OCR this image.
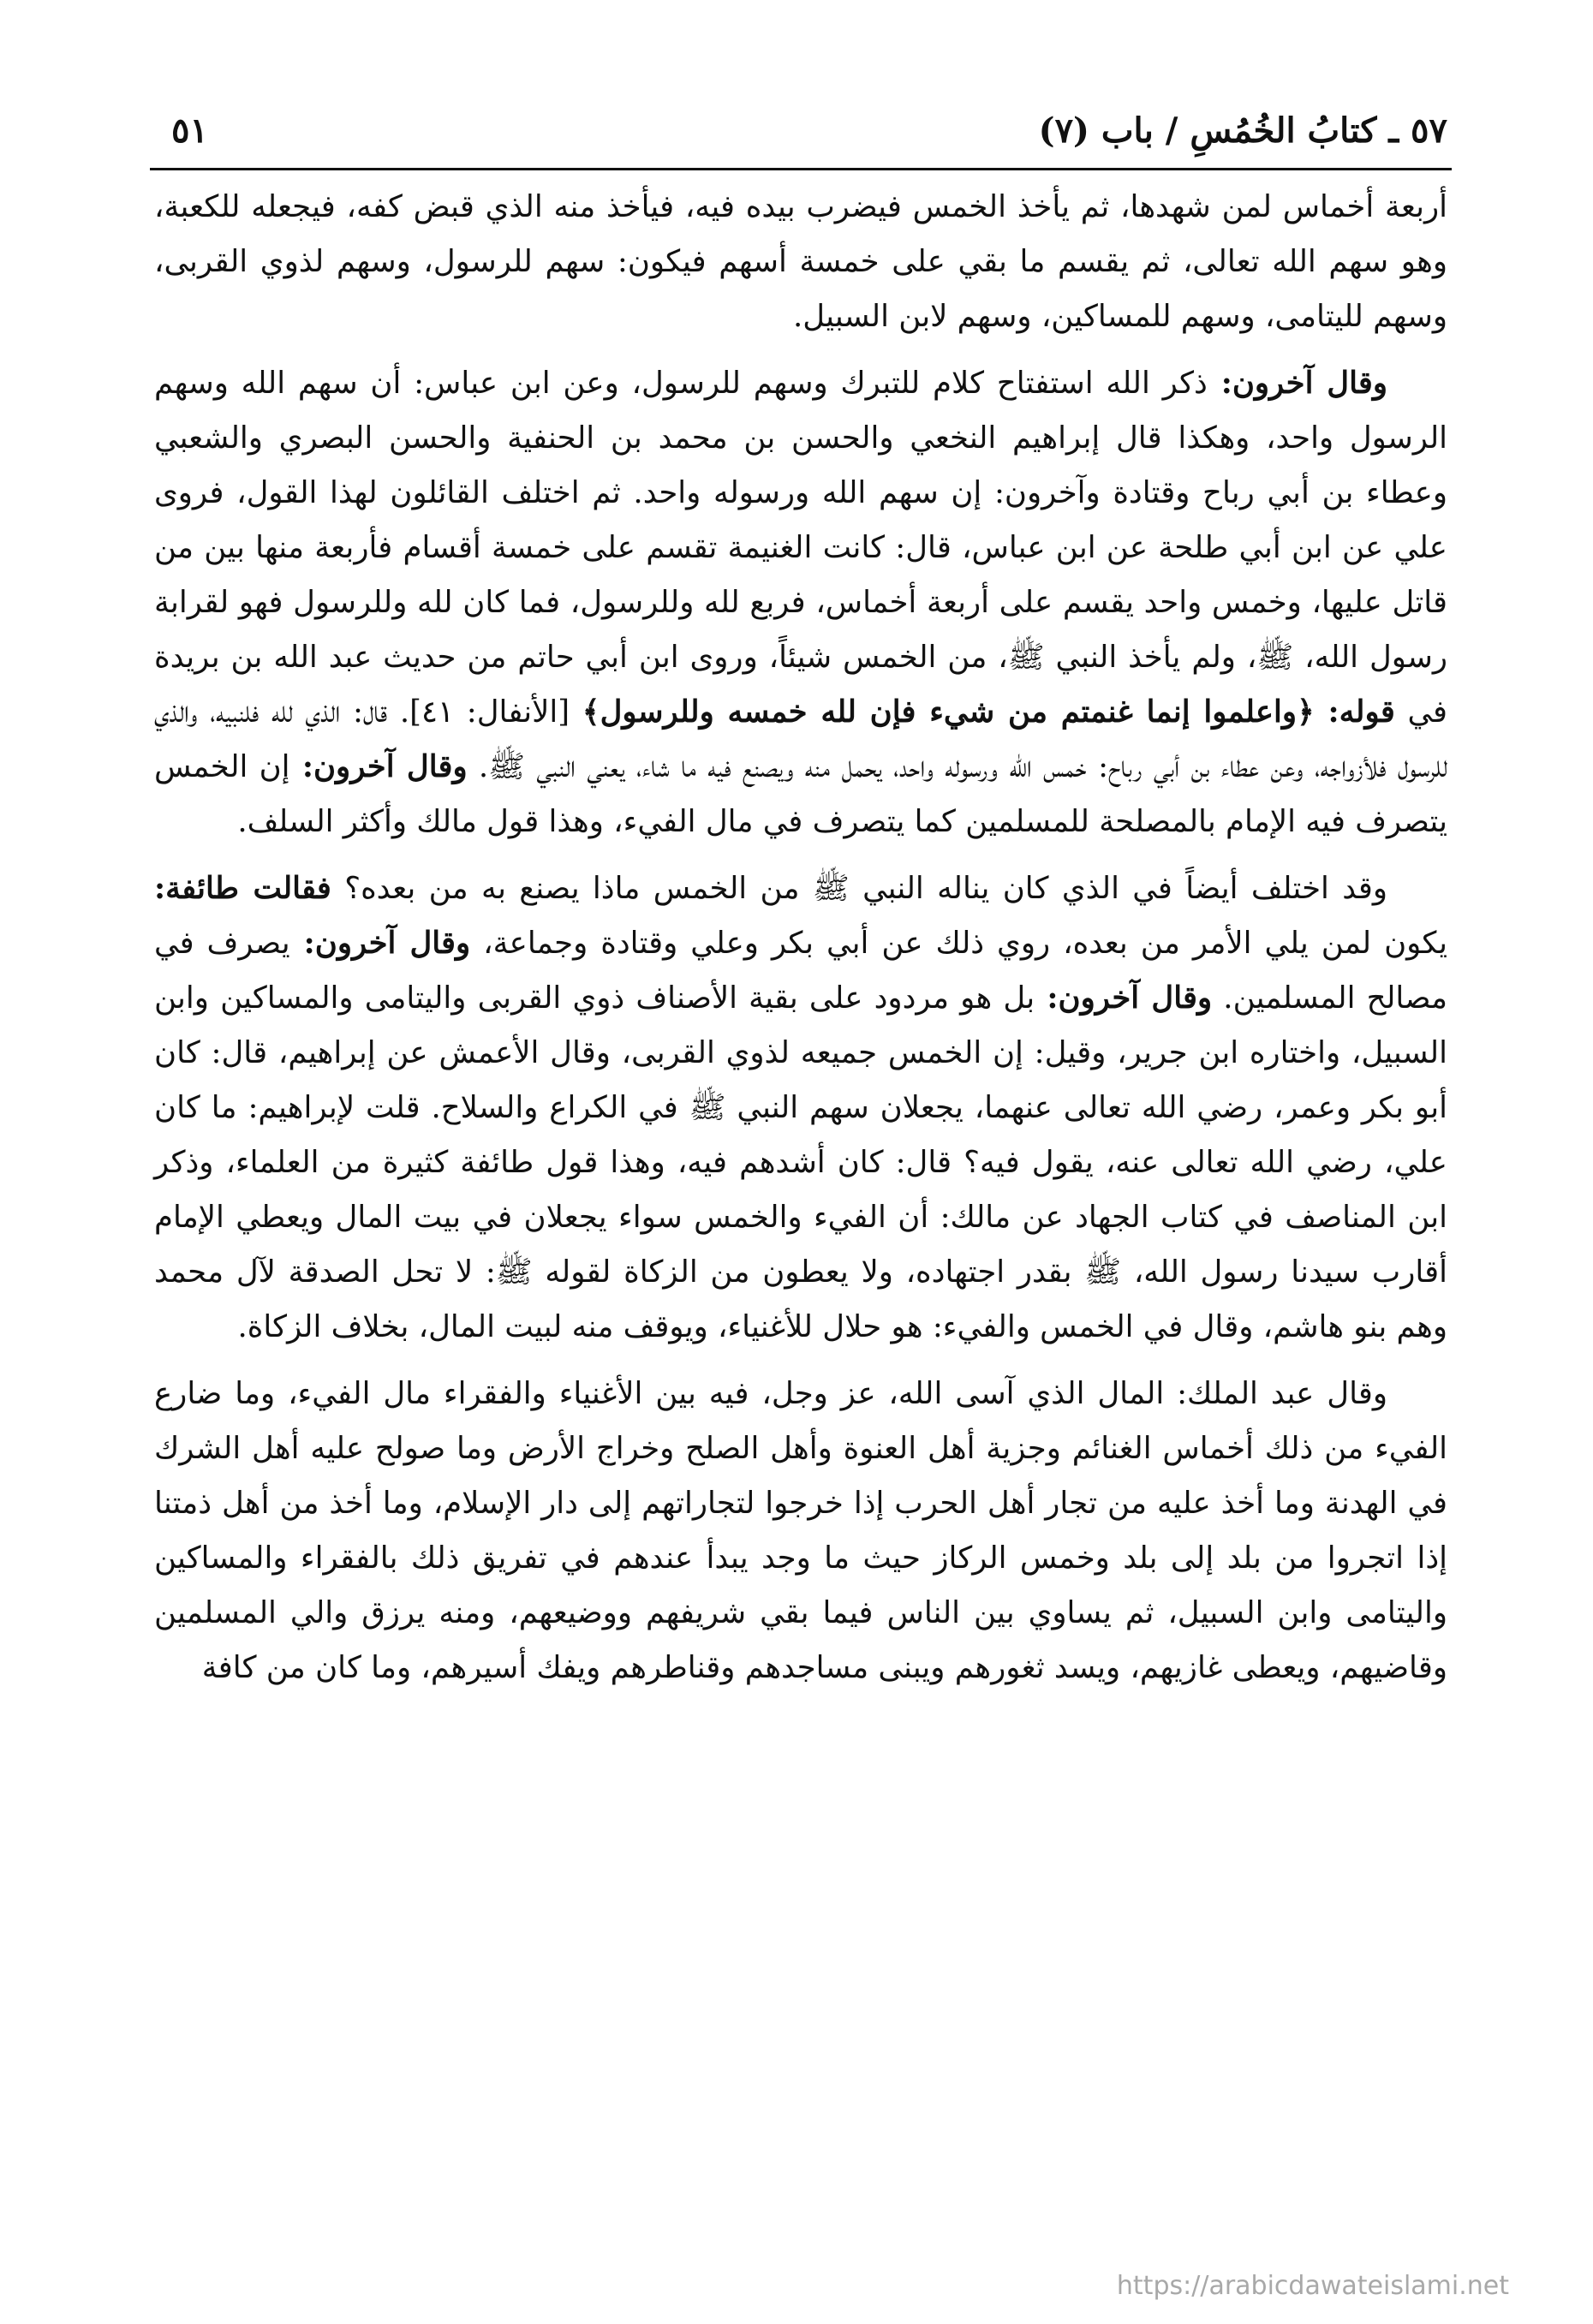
٥٧ ـ كتابُ الخُمُسِ / باب (٧)
٥١

أربعة أخماس لمن شهدها، ثم يأخذ الخمس فيضرب بيده فيه، فيأخذ منه الذي قبض كفه، فيجعله للكعبة، وهو سهم الله تعالى، ثم يقسم ما بقي على خمسة أسهم فيكون: سهم للرسول، وسهم لذوي القربى، وسهم لليتامى، وسهم للمساكين، وسهم لابن السبيل.

وقال آخرون: ذكر الله استفتاح كلام للتبرك وسهم للرسول، وعن ابن عباس: أن سهم الله وسهم الرسول واحد، وهكذا قال إبراهيم النخعي والحسن بن محمد بن الحنفية والحسن البصري والشعبي وعطاء بن أبي رباح وقتادة وآخرون: إن سهم الله ورسوله واحد. ثم اختلف القائلون لهذا القول، فروى علي عن ابن أبي طلحة عن ابن عباس، قال: كانت الغنيمة تقسم على خمسة أقسام فأربعة منها بين من قاتل عليها، وخمس واحد يقسم على أربعة أخماس، فربع لله وللرسول، فما كان لله وللرسول فهو لقرابة رسول الله، ﷺ، ولم يأخذ النبي ﷺ، من الخمس شيئاً، وروى ابن أبي حاتم من حديث عبد الله بن بريدة في قوله: ﴿واعلموا إنما غنمتم من شيء فإن لله خمسه وللرسول﴾ [الأنفال: ٤١]. قال: الذي لله فلنبيه، والذي للرسول فلأزواجه، وعن عطاء بن أبي رباح: خمس الله ورسوله واحد، يحمل منه ويصنع فيه ما شاء، يعني النبي ﷺ. وقال آخرون: إن الخمس يتصرف فيه الإمام بالمصلحة للمسلمين كما يتصرف في مال الفيء، وهذا قول مالك وأكثر السلف.

وقد اختلف أيضاً في الذي كان يناله النبي ﷺ من الخمس ماذا يصنع به من بعده؟ فقالت طائفة: يكون لمن يلي الأمر من بعده، روي ذلك عن أبي بكر وعلي وقتادة وجماعة، وقال آخرون: يصرف في مصالح المسلمين. وقال آخرون: بل هو مردود على بقية الأصناف ذوي القربى واليتامى والمساكين وابن السبيل، واختاره ابن جرير، وقيل: إن الخمس جميعه لذوي القربى، وقال الأعمش عن إبراهيم، قال: كان أبو بكر وعمر، رضي الله تعالى عنهما، يجعلان سهم النبي ﷺ في الكراع والسلاح. قلت لإبراهيم: ما كان علي، رضي الله تعالى عنه، يقول فيه؟ قال: كان أشدهم فيه، وهذا قول طائفة كثيرة من العلماء، وذكر ابن المناصف في كتاب الجهاد عن مالك: أن الفيء والخمس سواء يجعلان في بيت المال ويعطي الإمام أقارب سيدنا رسول الله، ﷺ بقدر اجتهاده، ولا يعطون من الزكاة لقوله ﷺ: لا تحل الصدقة لآل محمد وهم بنو هاشم، وقال في الخمس والفيء: هو حلال للأغنياء، ويوقف منه لبيت المال، بخلاف الزكاة.

وقال عبد الملك: المال الذي آسى الله، عز وجل، فيه بين الأغنياء والفقراء مال الفيء، وما ضارع الفيء من ذلك أخماس الغنائم وجزية أهل العنوة وأهل الصلح وخراج الأرض وما صولح عليه أهل الشرك في الهدنة وما أخذ عليه من تجار أهل الحرب إذا خرجوا لتجاراتهم إلى دار الإسلام، وما أخذ من أهل ذمتنا إذا اتجروا من بلد إلى بلد وخمس الركاز حيث ما وجد يبدأ عندهم في تفريق ذلك بالفقراء والمساكين واليتامى وابن السبيل، ثم يساوي بين الناس فيما بقي شريفهم ووضيعهم، ومنه يرزق والي المسلمين وقاضيهم، ويعطى غازيهم، ويسد ثغورهم ويبنى مساجدهم وقناطرهم ويفك أسيرهم، وما كان من كافة

https://arabicdawateislami.net
